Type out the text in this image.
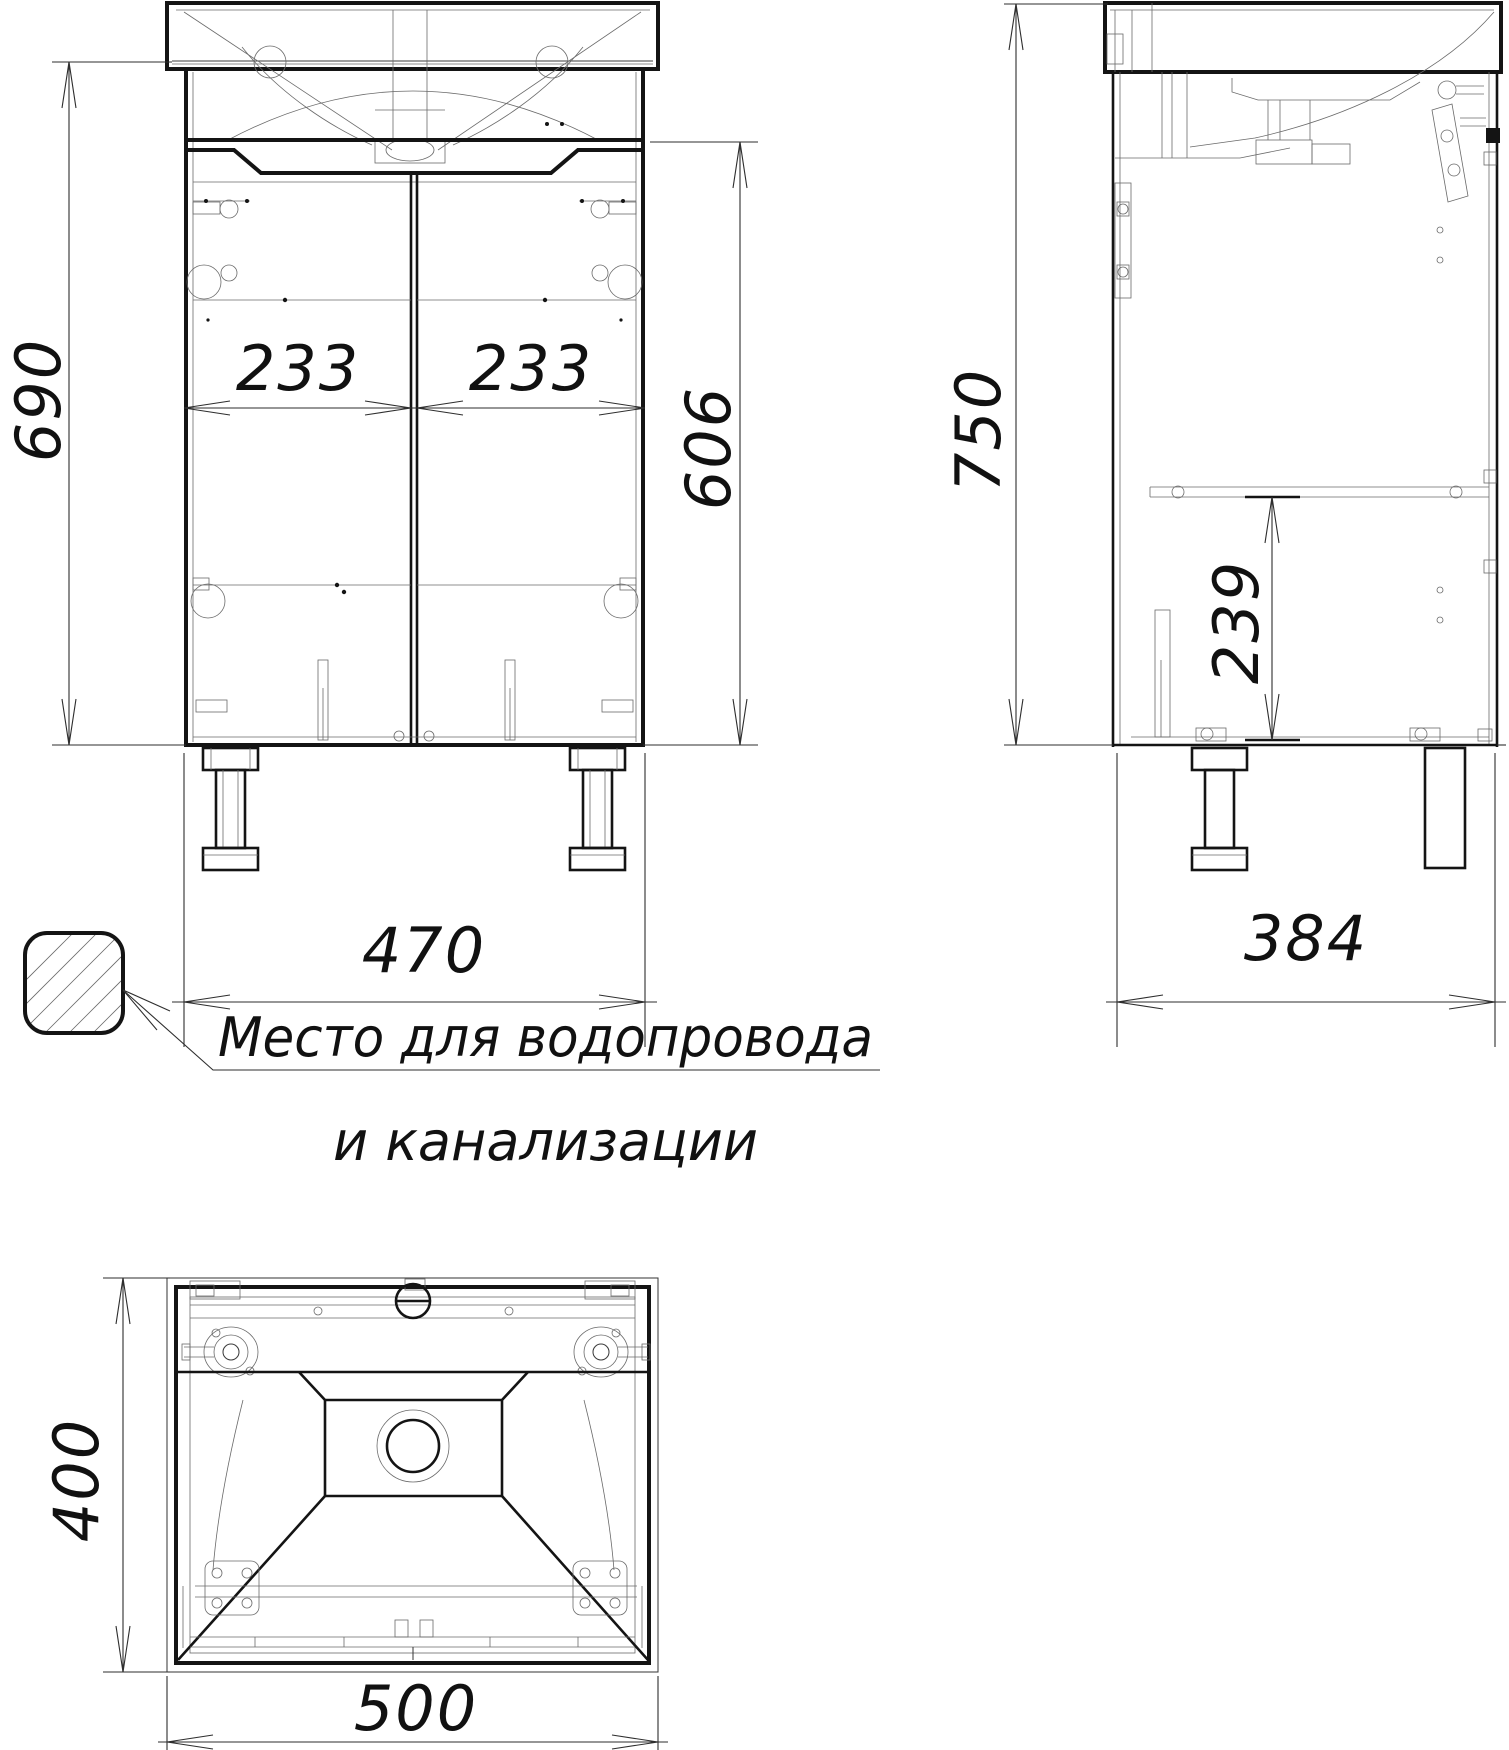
690	606
233 233
470
750
239
384
400
500
Место для водопровода
и канализации
